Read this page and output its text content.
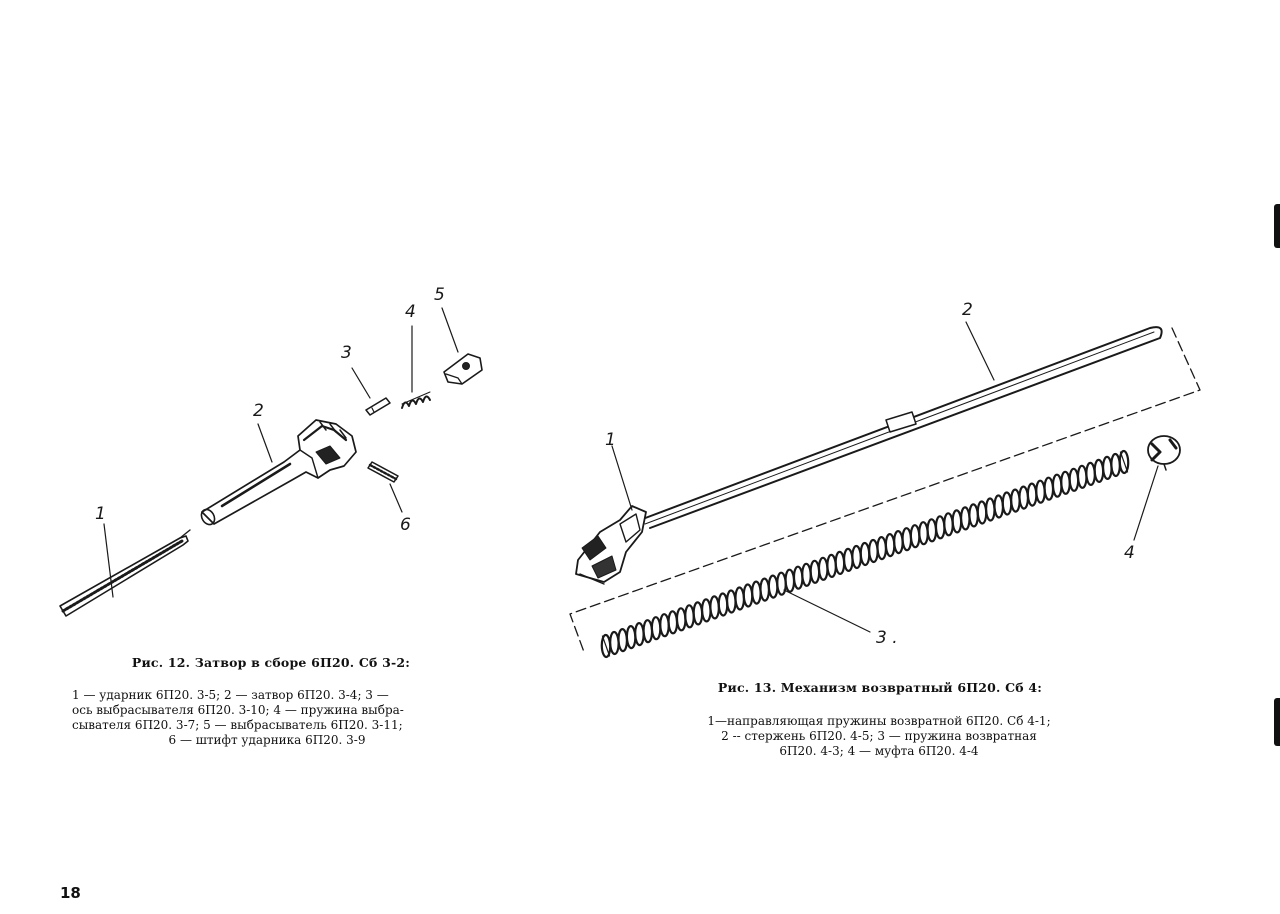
1
2
3
4
5
6
1
2
3 .
4
Рис. 12. Затвор в сборе 6П20. Сб 3-2:
1 — ударник 6П20. 3-5; 2 — затвор 6П20. 3-4; 3 —
ось выбрасывателя 6П20. 3-10; 4 — пружина выбра-
сывателя 6П20. 3-7; 5 — выбрасыватель 6П20. 3-11;
6 — штифт ударника 6П20. 3-9
Рис. 13. Механизм возвратный 6П20. Сб 4:
1—направляющая пружины возвратной 6П20. Сб 4-1;
2 -- стержень 6П20. 4-5; 3 — пружина возвратная
6П20. 4-3; 4 — муфта 6П20. 4-4
18
